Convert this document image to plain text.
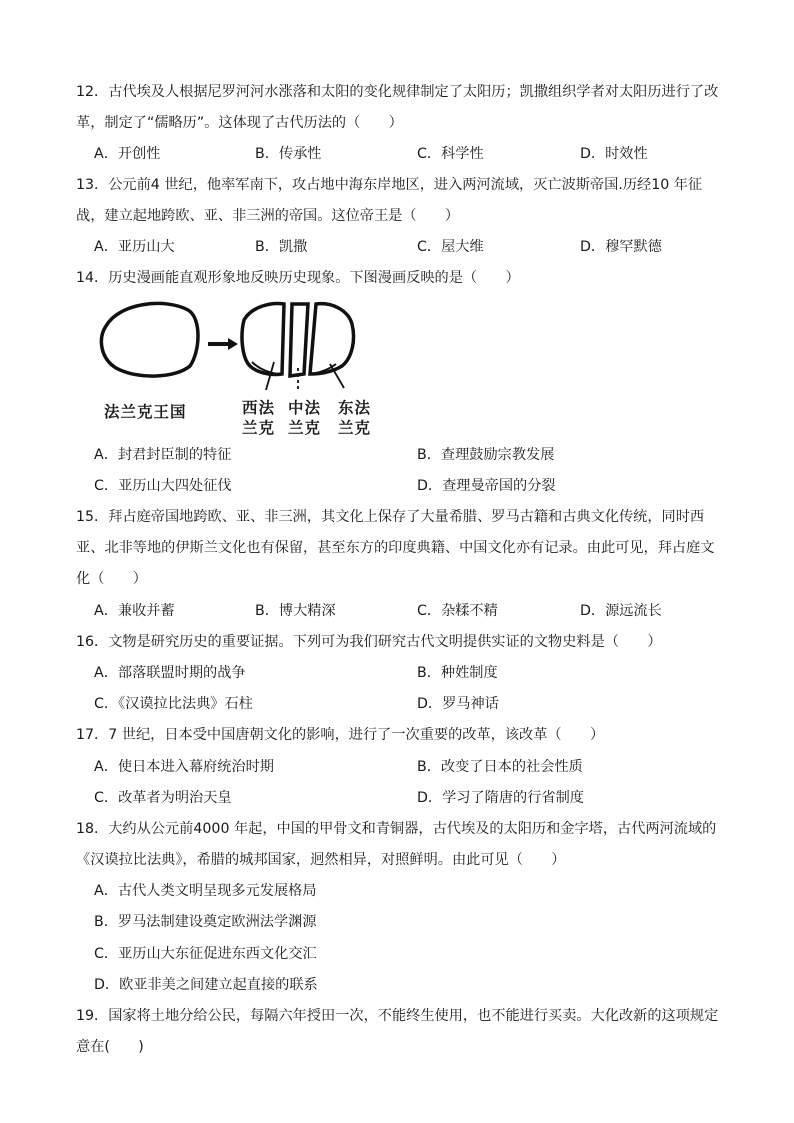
12．古代埃及人根据尼罗河河水涨落和太阳的变化规律制定了太阳历；凯撒组织学者对太阳历进行了改
革，制定了“儒略历”。这体现了古代历法的（　　）
A．开创性	B．传承性	C．科学性	D．时效性
13．公元前4 世纪，他率军南下，攻占地中海东岸地区，进入两河流域，灭亡波斯帝国.历经10 年征
战，建立起地跨欧、亚、非三洲的帝国。这位帝王是（　　）
A．亚历山大	B．凯撒	C．屋大维	D．穆罕默德
14．历史漫画能直观形象地反映历史现象。下图漫画反映的是（　　）
法兰克王国	西法
兰克
中法
兰克
东法
兰克
A．封君封臣制的特征	B．查理鼓励宗教发展
C．亚历山大四处征伐	D．查理曼帝国的分裂
15．拜占庭帝国地跨欧、亚、非三洲，其文化上保存了大量希腊、罗马古籍和古典文化传统，同时西
亚、北非等地的伊斯兰文化也有保留，甚至东方的印度典籍、中国文化亦有记录。由此可见，拜占庭文
化（　　）
A．兼收并蓄	B．博大精深	C．杂糅不精	D．源远流长
16．文物是研究历史的重要证据。下列可为我们研究古代文明提供实证的文物史料是（　　）
A．部落联盟时期的战争	B．种姓制度
C．《汉谟拉比法典》石柱	D．罗马神话
17．7 世纪，日本受中国唐朝文化的影响，进行了一次重要的改革，该改革（　　）
A．使日本进入幕府统治时期	B．改变了日本的社会性质
C．改革者为明治天皇	D．学习了隋唐的行省制度
18．大约从公元前4000 年起，中国的甲骨文和青铜器，古代埃及的太阳历和金字塔，古代两河流域的
《汉谟拉比法典》，希腊的城邦国家，迥然相异，对照鲜明。由此可见（　　）
A．古代人类文明呈现多元发展格局
B．罗马法制建设奠定欧洲法学渊源
C．亚历山大东征促进东西文化交汇
D．欧亚非美之间建立起直接的联系
19．国家将土地分给公民，每隔六年授田一次，不能终生使用，也不能进行买卖。大化改新的这项规定
意在(　　)
